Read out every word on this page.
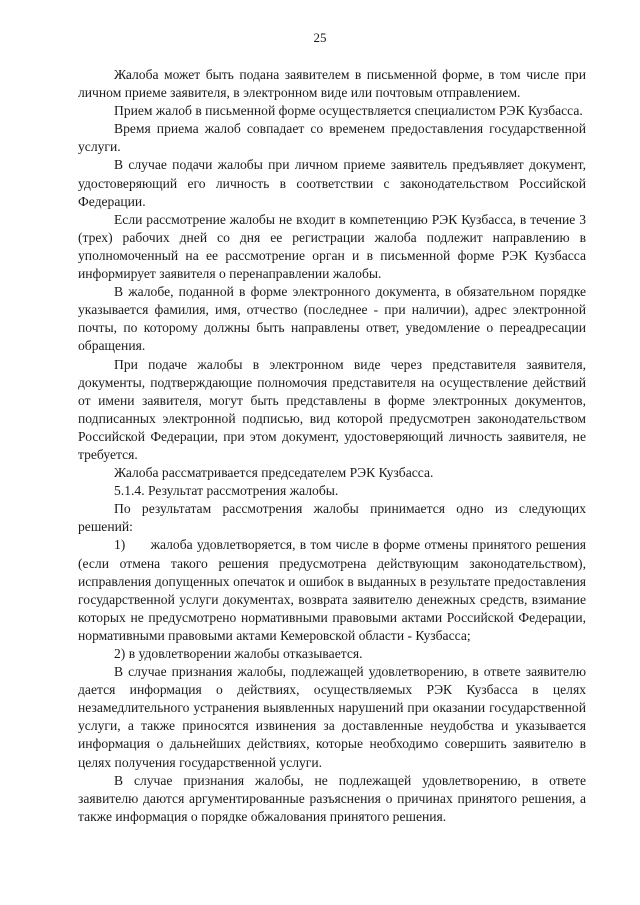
25

Жалоба может быть подана заявителем в письменной форме, в том числе при личном приеме заявителя, в электронном виде или почтовым отправлением.

Прием жалоб в письменной форме осуществляется специалистом РЭК Кузбасса.

Время приема жалоб совпадает со временем предоставления государственной услуги.

В случае подачи жалобы при личном приеме заявитель предъявляет документ, удостоверяющий его личность в соответствии с законодательством Российской Федерации.

Если рассмотрение жалобы не входит в компетенцию РЭК Кузбасса, в течение 3 (трех) рабочих дней со дня ее регистрации жалоба подлежит направлению в уполномоченный на ее рассмотрение орган и в письменной форме РЭК Кузбасса информирует заявителя о перенаправлении жалобы.

В жалобе, поданной в форме электронного документа, в обязательном порядке указывается фамилия, имя, отчество (последнее - при наличии), адрес электронной почты, по которому должны быть направлены ответ, уведомление о переадресации обращения.

При подаче жалобы в электронном виде через представителя заявителя, документы, подтверждающие полномочия представителя на осуществление действий от имени заявителя, могут быть представлены в форме электронных документов, подписанных электронной подписью, вид которой предусмотрен законодательством Российской Федерации, при этом документ, удостоверяющий личность заявителя, не требуется.

Жалоба рассматривается председателем РЭК Кузбасса.

5.1.4. Результат рассмотрения жалобы.

По результатам рассмотрения жалобы принимается одно из следующих решений:

1)      жалоба удовлетворяется, в том числе в форме отмены принятого решения (если отмена такого решения предусмотрена действующим законодательством), исправления допущенных опечаток и ошибок в выданных в результате предоставления государственной услуги документах, возврата заявителю денежных средств, взимание которых не предусмотрено нормативными правовыми актами Российской Федерации, нормативными правовыми актами Кемеровской области - Кузбасса;

2) в удовлетворении жалобы отказывается.

В случае признания жалобы, подлежащей удовлетворению, в ответе заявителю дается информация о действиях, осуществляемых РЭК Кузбасса в целях незамедлительного устранения выявленных нарушений при оказании государственной услуги, а также приносятся извинения за доставленные неудобства и указывается информация о дальнейших действиях, которые необходимо совершить заявителю в целях получения государственной услуги.

В случае признания жалобы, не подлежащей удовлетворению, в ответе заявителю даются аргументированные разъяснения о причинах принятого решения, а также информация о порядке обжалования принятого решения.
